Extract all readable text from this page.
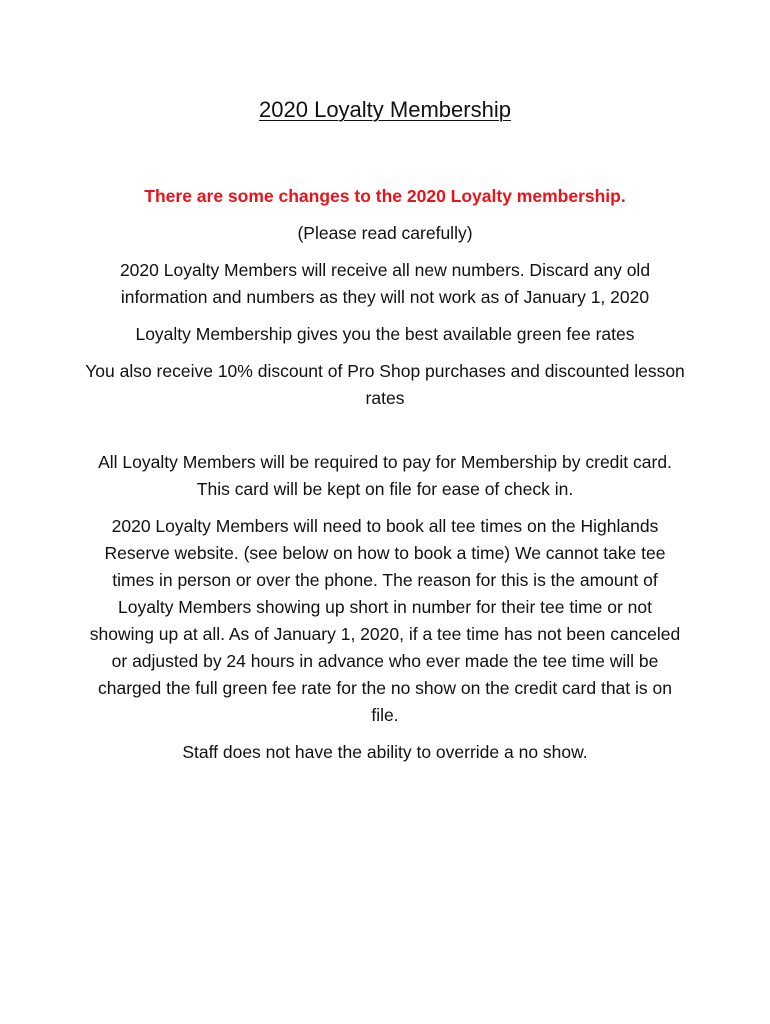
2020 Loyalty Membership

There are some changes to the 2020 Loyalty membership.

(Please read carefully)

2020 Loyalty Members will receive all new numbers. Discard any old information and numbers as they will not work as of January 1, 2020

Loyalty Membership gives you the best available green fee rates

You also receive 10% discount of Pro Shop purchases and discounted lesson rates

All Loyalty Members will be required to pay for Membership by credit card. This card will be kept on file for ease of check in.

2020 Loyalty Members will need to book all tee times on the Highlands Reserve website. (see below on how to book a time) We cannot take tee times in person or over the phone. The reason for this is the amount of Loyalty Members showing up short in number for their tee time or not showing up at all. As of January 1, 2020, if a tee time has not been canceled or adjusted by 24 hours in advance who ever made the tee time will be charged the full green fee rate for the no show on the credit card that is on file.

Staff does not have the ability to override a no show.
